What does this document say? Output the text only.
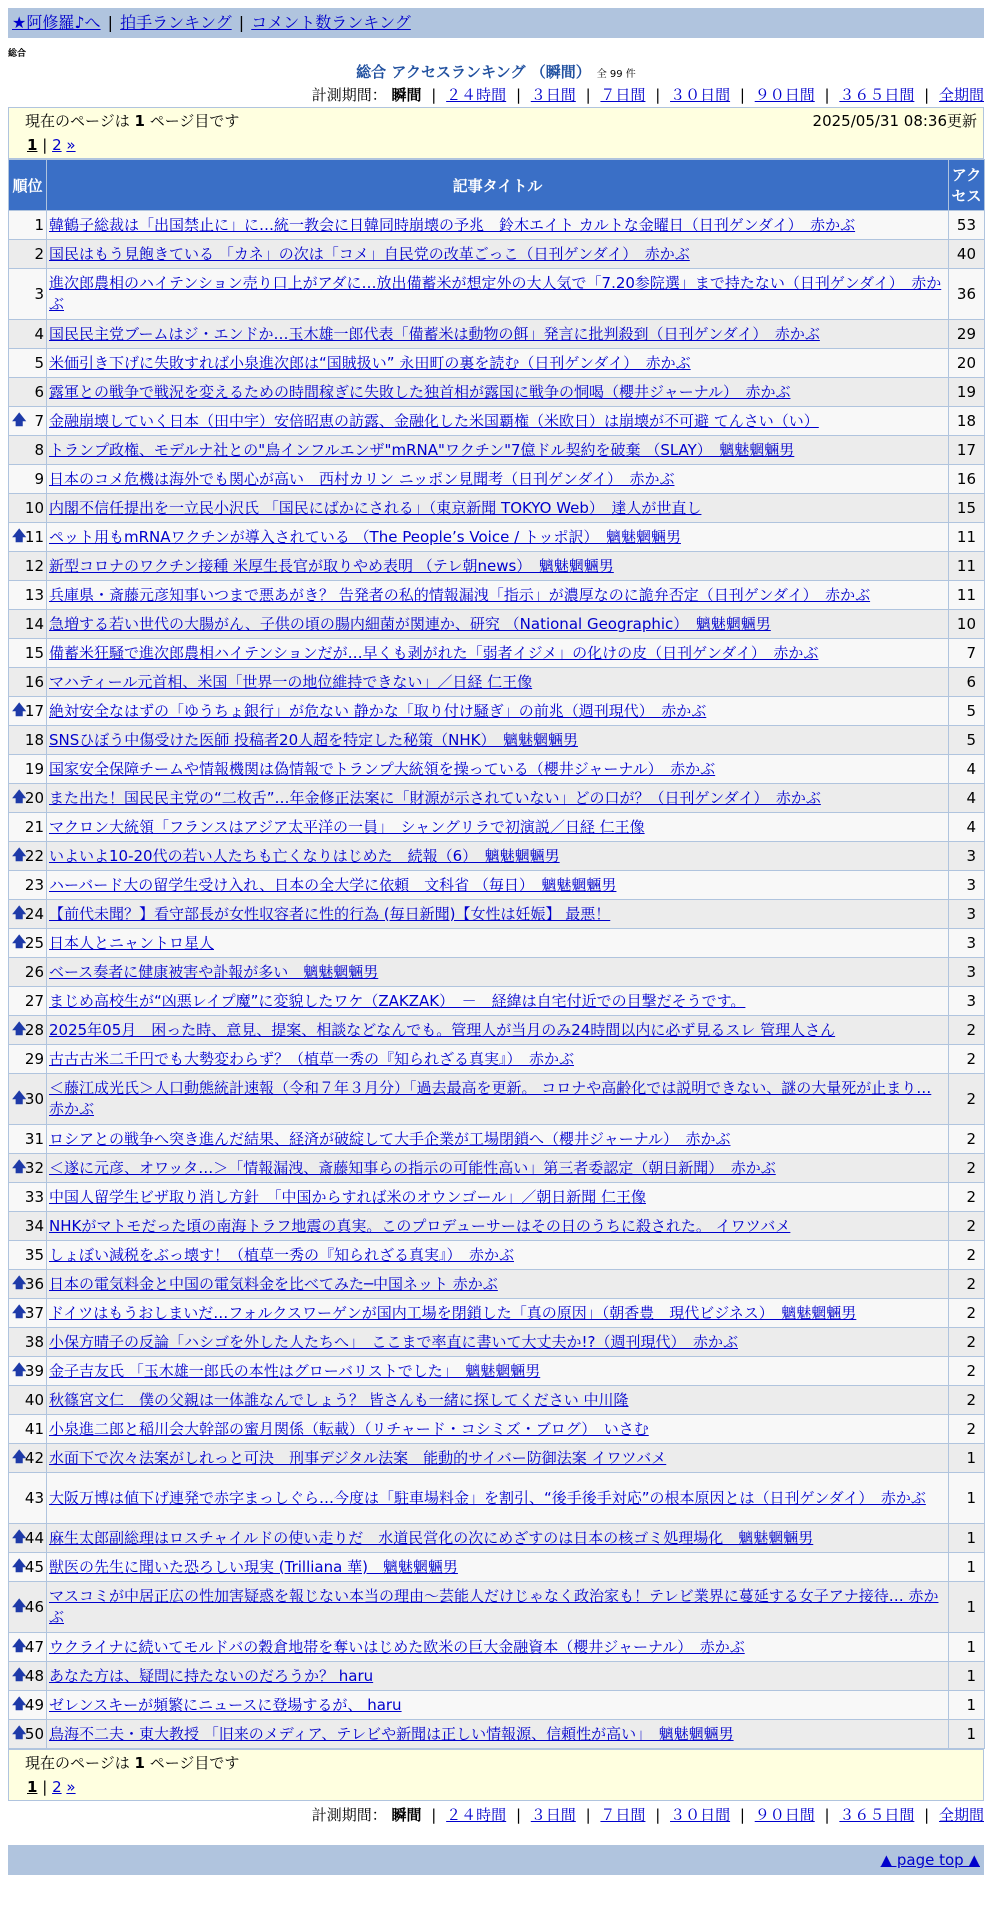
★阿修羅♪へ | 拍手ランキング | コメント数ランキング
総合
総合 アクセスランキング （瞬間） 全 99 件
計測期間： 瞬間 | ２４時間 | ３日間 | ７日間 | ３０日間 | ９０日間 | ３６５日間 | 全期間
現在のページは 1 ページ目です	2025/05/31 08:36更新
1 | 2 »
順位	記事タイトル	アクセス
1	韓鶴子総裁は「出国禁止に」に…統一教会に日韓同時崩壊の予兆　鈴木エイト カルトな金曜日（日刊ゲンダイ）　赤かぶ	53
2	国民はもう見飽きている 「カネ」の次は「コメ」自民党の改革ごっこ（日刊ゲンダイ）　赤かぶ	40
3	進次郎農相のハイテンション売り口上がアダに…放出備蓄米が想定外の大人気で「7.20参院選」まで持たない（日刊ゲンダイ）　赤かぶ	36
4	国民民主党ブームはジ・エンドか…玉木雄一郎代表「備蓄米は動物の餌」発言に批判殺到（日刊ゲンダイ）　赤かぶ	29
5	米価引き下げに失敗すれば小泉進次郎は“国賊扱い” 永田町の裏を読む（日刊ゲンダイ）　赤かぶ	20
6	露軍との戦争で戦況を変えるための時間稼ぎに失敗した独首相が露国に戦争の恫喝（櫻井ジャーナル）　赤かぶ	19

🡅 7	金融崩壊していく日本（田中宇）安倍昭恵の訪露、金融化した米国覇権（米欧日）は崩壊が不可避 てんさい（い）	18
8	トランプ政権、モデルナ社との"鳥インフルエンザ"mRNA"ワクチン"7億ドル契約を破棄 （SLAY）　魑魅魍魎男	17
9	日本のコメ危機は海外でも関心が高い　西村カリン ニッポン見聞考（日刊ゲンダイ）　赤かぶ	16
10	内閣不信任提出を一立民小沢氏 「国民にばかにされる」（東京新聞 TOKYO Web）　達人が世直し	15

🡅
11	ペット用もmRNAワクチンが導入されている （The People’s Voice / トッポ訳）　魑魅魍魎男	11
12	新型コロナのワクチン接種 米厚生長官が取りやめ表明 （テレ朝news）　魑魅魍魎男	11
13	兵庫県・斎藤元彦知事いつまで悪あがき？ 告発者の私的情報漏洩「指示」が濃厚なのに詭弁否定（日刊ゲンダイ）　赤かぶ	11
14	急増する若い世代の大腸がん、子供の頃の腸内細菌が関連か、研究 （National Geographic）　魑魅魍魎男	10
15	備蓄米狂騒で進次郎農相ハイテンションだが…早くも剥がれた「弱者イジメ」の化けの皮（日刊ゲンダイ）　赤かぶ	7
16	マハティール元首相、米国「世界一の地位維持できない」／日経 仁王像	6

🡅
17	絶対安全なはずの「ゆうちょ銀行」が危ない 静かな「取り付け騒ぎ」の前兆（週刊現代）　赤かぶ	5
18	SNSひぼう中傷受けた医師 投稿者20人超を特定した秘策（NHK）　魑魅魍魎男	5
19	国家安全保障チームや情報機関は偽情報でトランプ大統領を操っている（櫻井ジャーナル）　赤かぶ	4

🡅
20	また出た！国民民主党の“二枚舌”…年金修正法案に「財源が示されていない」どの口が？（日刊ゲンダイ）　赤かぶ	4
21	マクロン大統領「フランスはアジア太平洋の一員」　シャングリラで初演説／日経 仁王像	4

🡅
22	いよいよ10-20代の若い人たちも亡くなりはじめた　続報（6）　魑魅魍魎男	3
23	ハーバード大の留学生受け入れ、日本の全大学に依頼　文科省 （毎日）　魑魅魍魎男	3

🡅
24	【前代未聞？】看守部長が女性収容者に性的行為 (毎日新聞)【女性は妊娠】 最悪！	3

🡅
25	日本人とニャントロ星人	3
26	ベース奏者に健康被害や訃報が多い　魑魅魍魎男	3
27	まじめ高校生が“凶悪レイプ魔”に変貌したワケ（ZAKZAK）　－　経緯は自宅付近での目撃だそうです。	3

🡅
28	2025年05月　困った時、意見、提案、相談などなんでも。管理人が当月のみ24時間以内に必ず見るスレ 管理人さん	2
29	古古古米二千円でも大勢変わらず？（植草一秀の『知られざる真実』）　赤かぶ	2

🡅
30	＜藤江成光氏＞人口動態統計速報（令和７年３月分）「過去最高を更新。 コロナや高齢化では説明できない、謎の大量死が止まり… 赤かぶ	2
31	ロシアとの戦争へ突き進んだ結果、経済が破綻して大手企業が工場閉鎖へ（櫻井ジャーナル）　赤かぶ	2

🡅
32	＜遂に元彦、オワッタ…＞「情報漏洩、斎藤知事らの指示の可能性高い」第三者委認定（朝日新聞）　赤かぶ	2
33	中国人留学生ビザ取り消し方針　「中国からすれば米のオウンゴール」／朝日新聞 仁王像	2
34	NHKがマトモだった頃の南海トラフ地震の真実。このプロデューサーはその日のうちに殺された。 イワツバメ	2
35	しょぼい減税をぶっ壊す！（植草一秀の『知られざる真実』）　赤かぶ	2

🡅
36	日本の電気料金と中国の電気料金を比べてみた─中国ネット 赤かぶ	2

🡅
37	ドイツはもうおしまいだ…フォルクスワーゲンが国内工場を閉鎖した「真の原因」（朝香豊　現代ビジネス）　魑魅魍魎男	2
38	小保方晴子の反論「ハシゴを外した人たちへ」　ここまで率直に書いて大丈夫か!?（週刊現代）　赤かぶ	2

🡅
39	金子吉友氏 「玉木雄一郎氏の本性はグローバリストでした」　魑魅魍魎男	2
40	秋篠宮文仁　僕の父親は一体誰なんでしょう？ 皆さんも一緒に探してください 中川隆	2
41	小泉進二郎と稲川会大幹部の蜜月関係（転載）（リチャード・コシミズ・ブログ）　いさむ	2

🡅
42	水面下で次々法案がしれっと可決　刑事デジタル法案　能動的サイバー防御法案 イワツバメ	1
43	大阪万博は値下げ連発で赤字まっしぐら…今度は「駐車場料金」を割引、“後手後手対応”の根本原因とは（日刊ゲンダイ）　赤かぶ	1

🡅
44	麻生太郎副総理はロスチャイルドの使い走りだ　水道民営化の次にめざすのは日本の核ゴミ処理場化　魑魅魍魎男	1

🡅
45	獣医の先生に聞いた恐ろしい現実 (Trilliana 華)　魑魅魍魎男	1

🡅
46	マスコミが中居正広の性加害疑惑を報じない本当の理由～芸能人だけじゃなく政治家も！テレビ業界に蔓延する女子アナ接待… 赤かぶ	1

🡅
47	ウクライナに続いてモルドバの穀倉地帯を奪いはじめた欧米の巨大金融資本（櫻井ジャーナル）　赤かぶ	1

🡅
48	あなた方は、疑問に持たないのだろうか？ haru	1

🡅
49	ゼレンスキーが頻繁にニュースに登場するが、 haru	1

🡅
50	鳥海不二夫・東大教授 「旧来のメディア、テレビや新聞は正しい情報源、信頼性が高い」　魑魅魍魎男	1
現在のページは 1 ページ目です
1 | 2 »
計測期間： 瞬間 | ２４時間 | ３日間 | ７日間 | ３０日間 | ９０日間 | ３６５日間 | 全期間
▲ page top ▲
